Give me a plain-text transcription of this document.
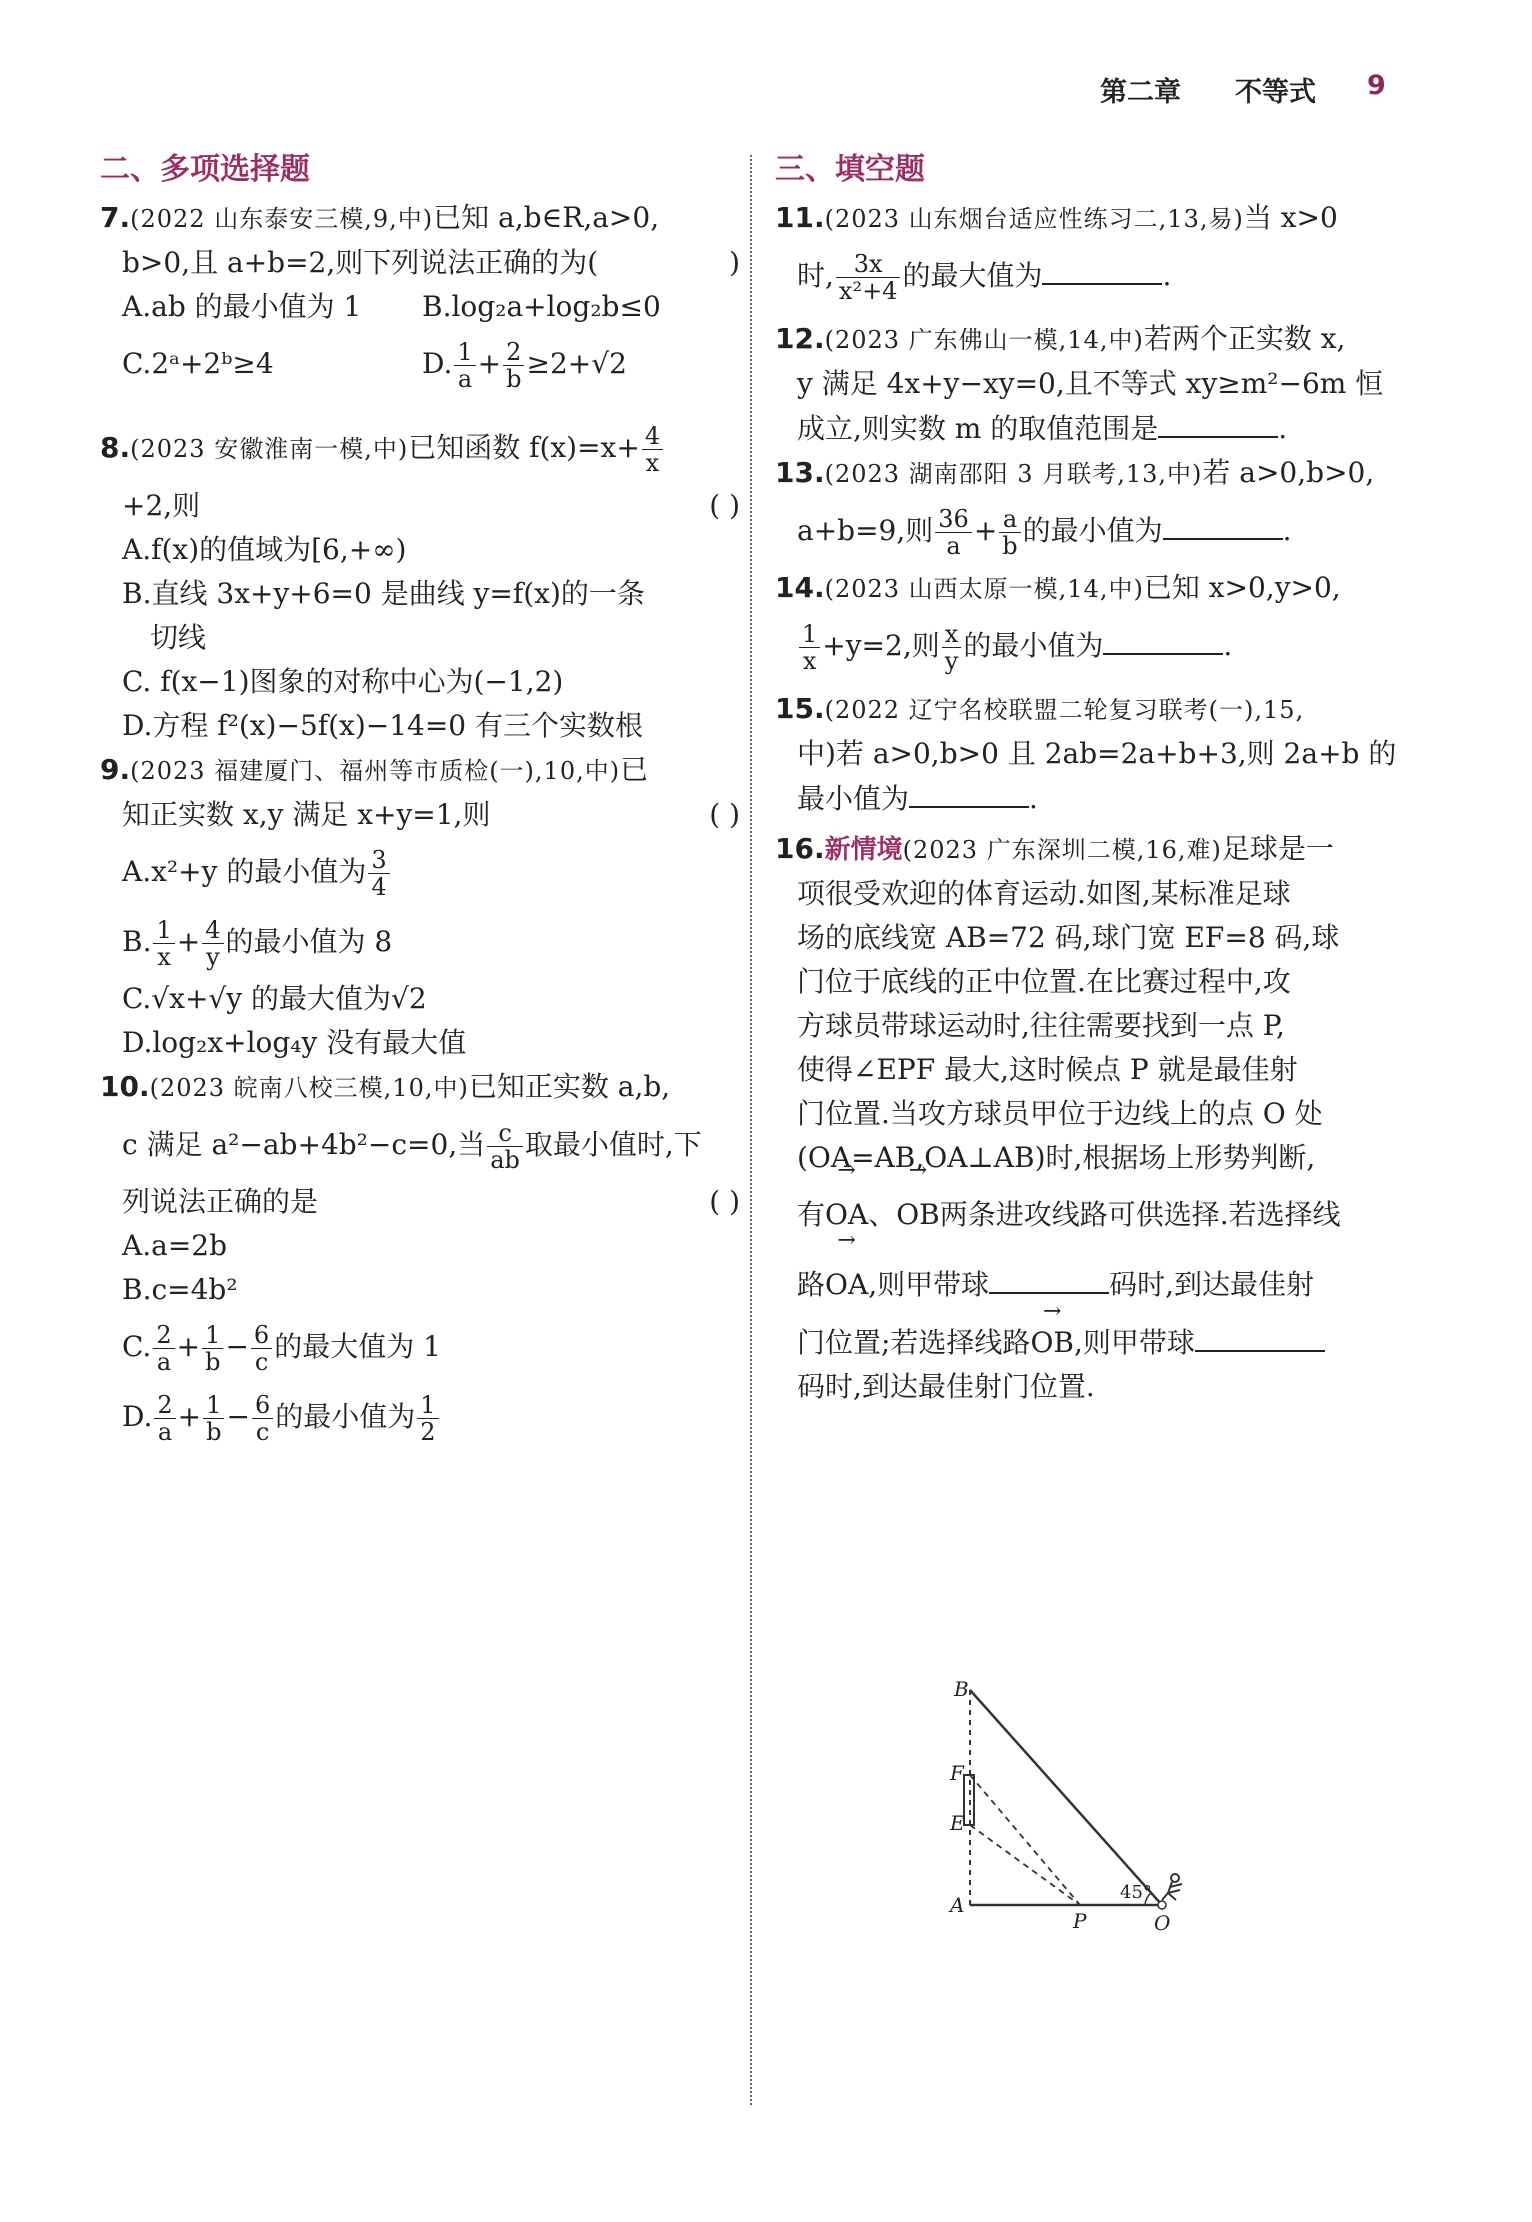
第二章 不等式 9
二、多项选择题
7.(2022 山东泰安三模,9,中)已知 a,b∈R,a>0,
b>0,且 a+b=2,则下列说法正确的为(	)
A.ab 的最小值为 1 B.log₂a+log₂b≤0
C.2ᵃ+2ᵇ≥4	D. $\frac{1}{a} + \frac{2}{b} \ge 2+√2$
8.(2023 安徽淮南一模,中)已知函数 $f(x)=x+ \frac{4}{x}$
+2,则	( )
A.f(x)的值域为[6,+∞)
B.直线 3x+y+6=0 是曲线 y=f(x)的一条
切线
C. f(x−1)图象的对称中心为(−1,2)
D.方程 f²(x)−5f(x)−14=0 有三个实数根
9.(2023 福建厦门、福州等市质检(一),10,中)已
知正实数 x,y 满足 x+y=1,则	( )
A.x²+y 的最小值为 $\frac{3}{4}$
B. $\frac{1}{x} + \frac{4}{y}$ 的最小值为 8
C.√x+√y 的最大值为√2
D.log₂x+log₄y 没有最大值
10.(2023 皖南八校三模,10,中)已知正实数 a,b,
c 满足 a²−ab+4b²−c=0,当 $\frac{c}{ab}$ 取最小值时,下
列说法正确的是	( )
A.a=2b
B.c=4b²
C. $\frac{2}{a} + \frac{1}{b} - \frac{6}{c}$ 的最大值为 1
D. $\frac{2}{a} + \frac{1}{b} - \frac{6}{c}$ 的最小值为 $\frac{1}{2}$
三、填空题
11.(2023 山东烟台适应性练习二,13,易)当 x>0
时, $\frac{3x}{\text{x²+4}}$ 的最大值为	.
12.(2023 广东佛山一模,14,中)若两个正实数 x,
y 满足 4x+y−xy=0,且不等式 xy≥m²−6m 恒
成立,则实数 m 的取值范围是	.
13.(2023 湖南邵阳 3 月联考,13,中)若 a>0,b>0,
a+b=9,则 $\frac{36}{a} + \frac{a}{b}$ 的最小值为	.
14.(2023 山西太原一模,14,中)已知 x>0,y>0,
$\frac{1}{x} +y=2$,则 $\frac{x}{y}$ 的最小值为	.
15.(2022 辽宁名校联盟二轮复习联考(一),15,
中)若 a>0,b>0 且 2ab=2a+b+3,则 2a+b 的
最小值为	.
16.新情境(2023 广东深圳二模,16,难)足球是一
项很受欢迎的体育运动.如图,某标准足球
场的底线宽 AB=72 码,球门宽 EF=8 码,球
门位于底线的正中位置.在比赛过程中,攻
方球员带球运动时,往往需要找到一点 P,
使得∠EPF 最大,这时候点 P 就是最佳射
门位置.当攻方球员甲位于边线上的点 O 处
(OA=AB,OA⊥AB)时,根据场上形势判断,
有→ OA、→ OB两条进攻线路可供选择.若选择线
路→ OA,则甲带球	码时,到达最佳射
门位置;若选择线路→ OB,则甲带球
码时,到达最佳射门位置.
B
F
E
A
P	O
45°
